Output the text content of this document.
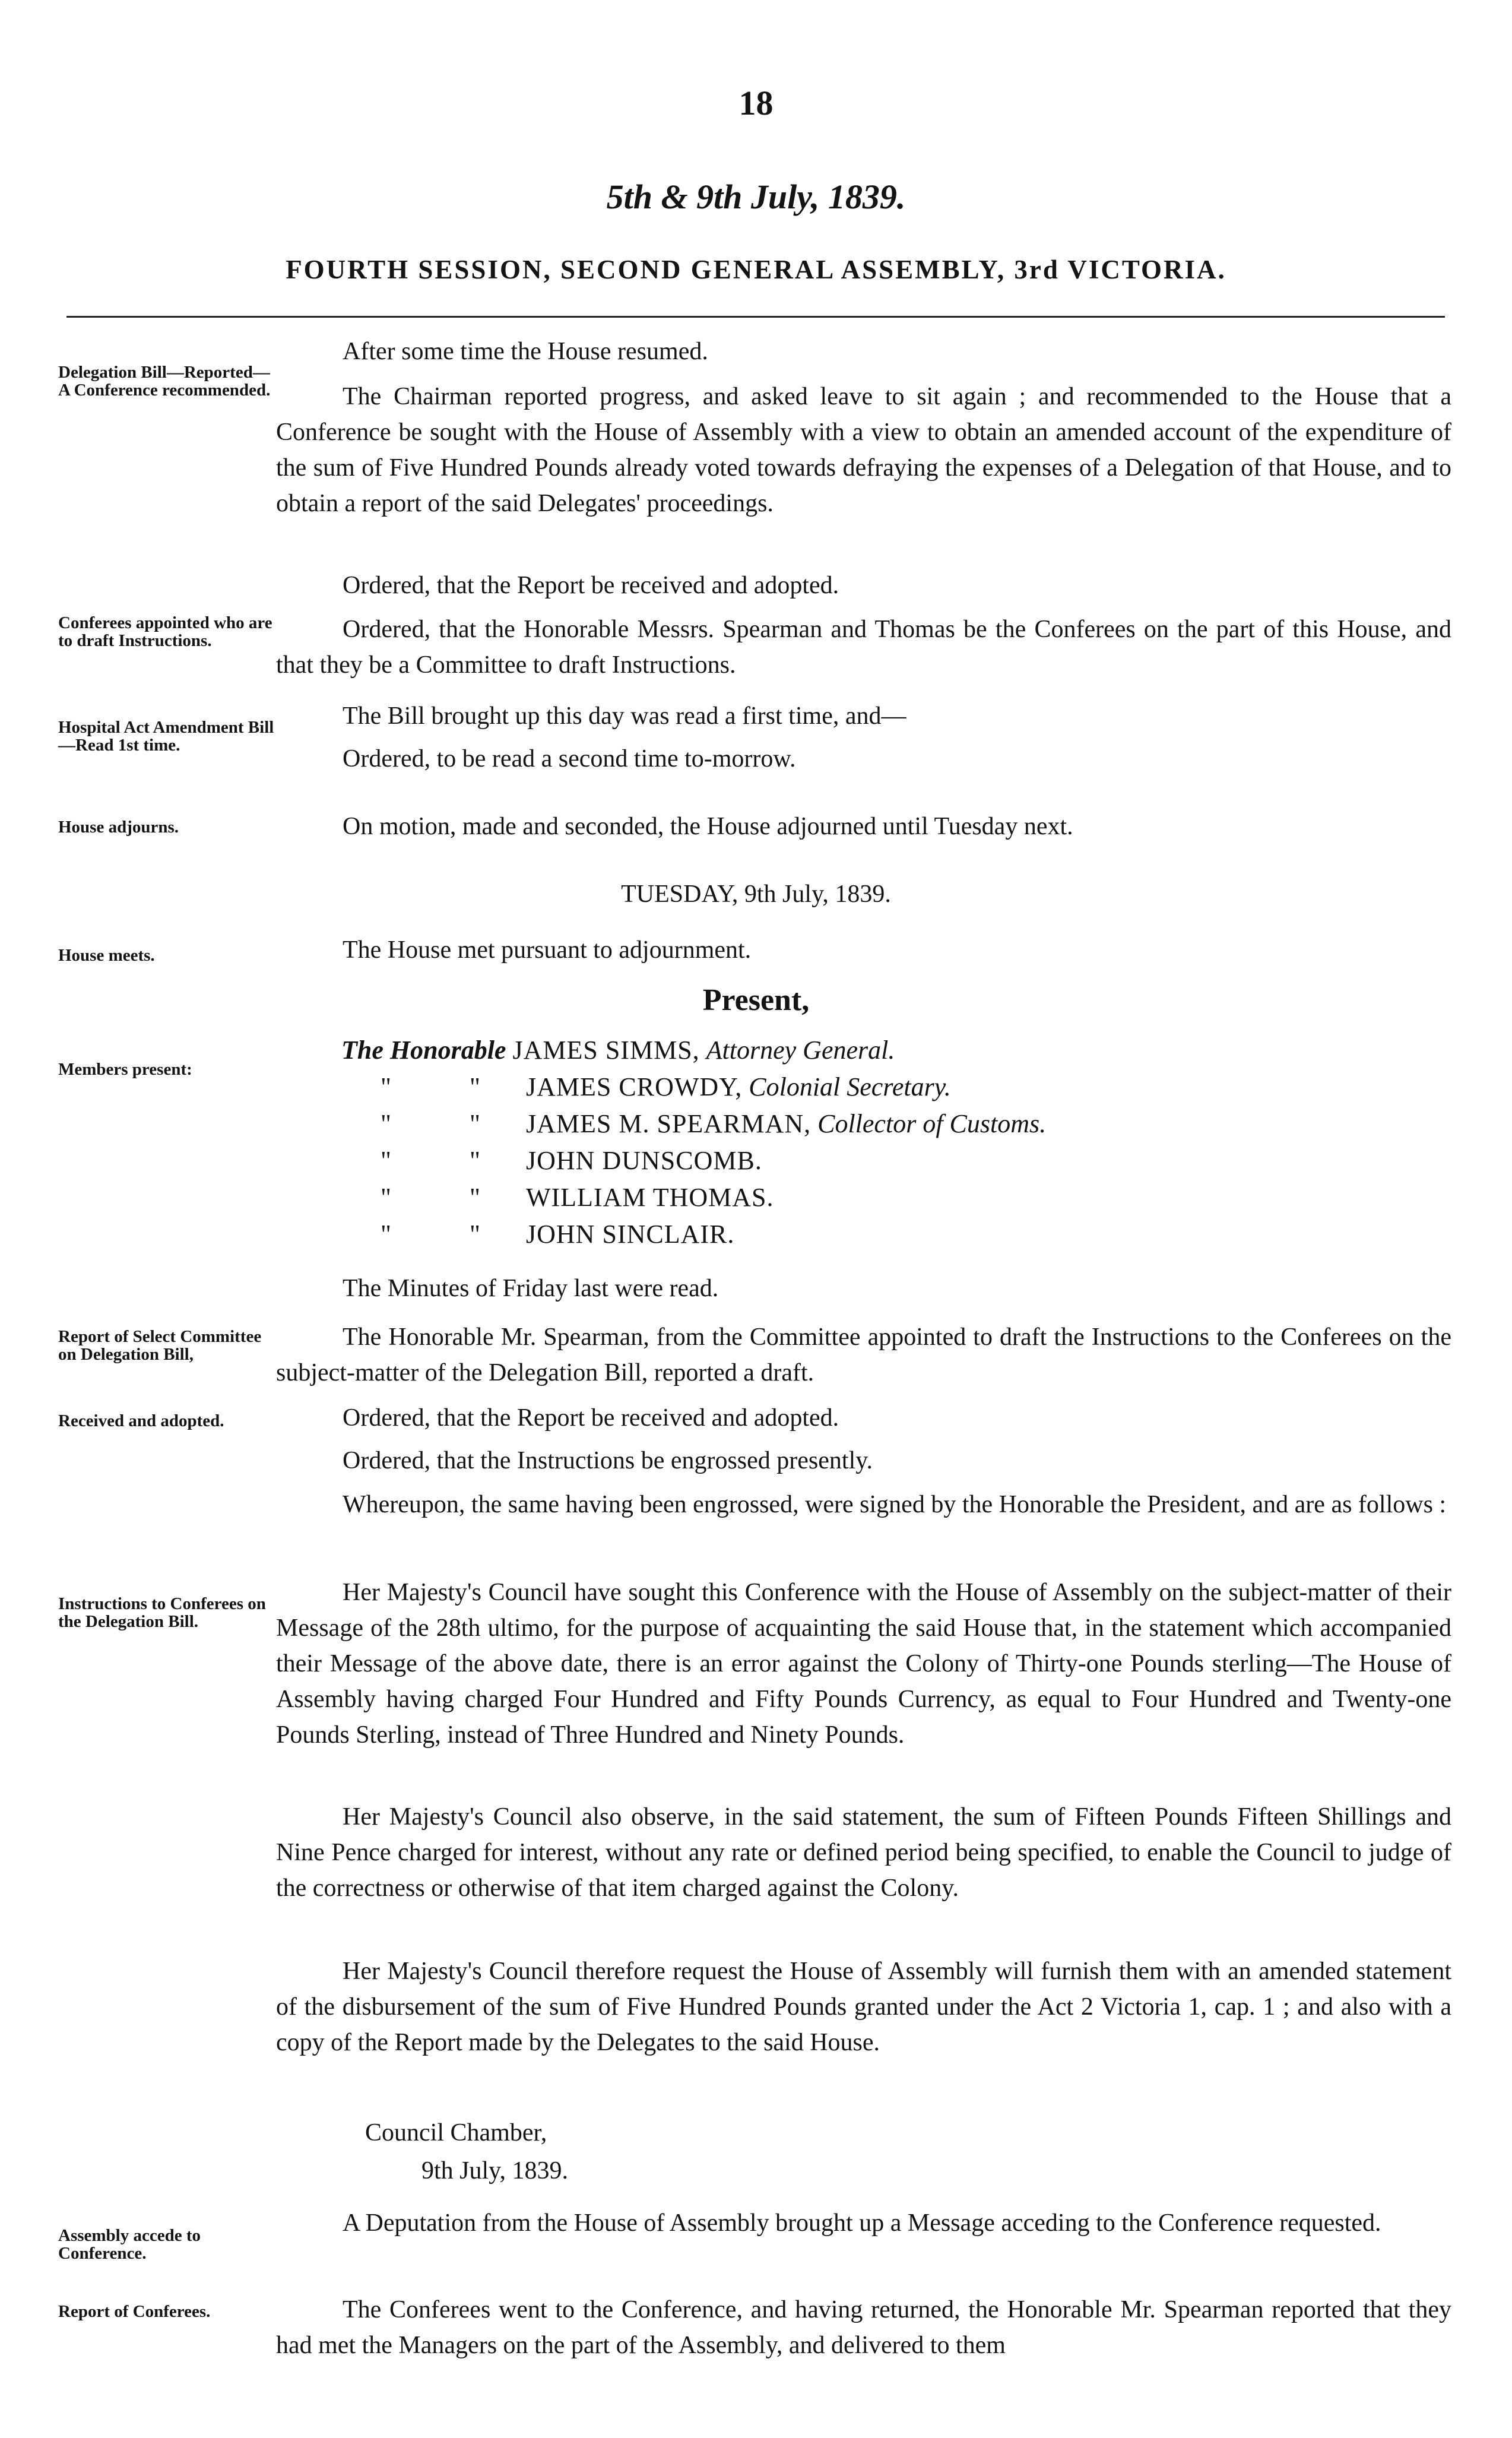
18
5th & 9th July, 1839.
FOURTH SESSION, SECOND GENERAL ASSEMBLY, 3rd VICTORIA.
Delegation Bill—Reported—A Conference recommended.
Conferees appointed who are to draft Instructions.
Hospital Act Amendment Bill—Read 1st time.
House adjourns.
House meets.
Members present:
Report of Select Committee on Delegation Bill,
Received and adopted.
Instructions to Conferees on the Delegation Bill.
Assembly accede to Conference.
Report of Conferees.
After some time the House resumed.
The Chairman reported progress, and asked leave to sit again ; and recommended to the House that a Conference be sought with the House of Assembly with a view to obtain an amended account of the expenditure of the sum of Five Hundred Pounds already voted towards defraying the expenses of a Delegation of that House, and to obtain a report of the said Delegates' proceedings.
Ordered, that the Report be received and adopted.
Ordered, that the Honorable Messrs. Spearman and Thomas be the Conferees on the part of this House, and that they be a Committee to draft Instructions.
The Bill brought up this day was read a first time, and—
Ordered, to be read a second time to-morrow.
On motion, made and seconded, the House adjourned until Tuesday next.
TUESDAY, 9th July, 1839.
The House met pursuant to adjournment.
Present,
The Honorable JAMES SIMMS, Attorney General.
"	" JAMES CROWDY, Colonial Secretary.
"	" JAMES M. SPEARMAN, Collector of Customs.
"	" JOHN DUNSCOMB.
"	" WILLIAM THOMAS.
"	" JOHN SINCLAIR.
The Minutes of Friday last were read.
The Honorable Mr. Spearman, from the Committee appointed to draft the Instructions to the Conferees on the subject-matter of the Delegation Bill, reported a draft.
Ordered, that the Report be received and adopted.
Ordered, that the Instructions be engrossed presently.
Whereupon, the same having been engrossed, were signed by the Honorable the President, and are as follows :
Her Majesty's Council have sought this Conference with the House of Assembly on the subject-matter of their Message of the 28th ultimo, for the purpose of acquainting the said House that, in the statement which accompanied their Message of the above date, there is an error against the Colony of Thirty-one Pounds sterling—The House of Assembly having charged Four Hundred and Fifty Pounds Currency, as equal to Four Hundred and Twenty-one Pounds Sterling, instead of Three Hundred and Ninety Pounds.
Her Majesty's Council also observe, in the said statement, the sum of Fifteen Pounds Fifteen Shillings and Nine Pence charged for interest, without any rate or defined period being specified, to enable the Council to judge of the correctness or otherwise of that item charged against the Colony.
Her Majesty's Council therefore request the House of Assembly will furnish them with an amended statement of the disbursement of the sum of Five Hundred Pounds granted under the Act 2 Victoria 1, cap. 1 ; and also with a copy of the Report made by the Delegates to the said House.
Council Chamber,
9th July, 1839.
A Deputation from the House of Assembly brought up a Message acceding to the Conference requested.
The Conferees went to the Conference, and having returned, the Honorable Mr. Spearman reported that they had met the Managers on the part of the Assembly, and delivered to them
